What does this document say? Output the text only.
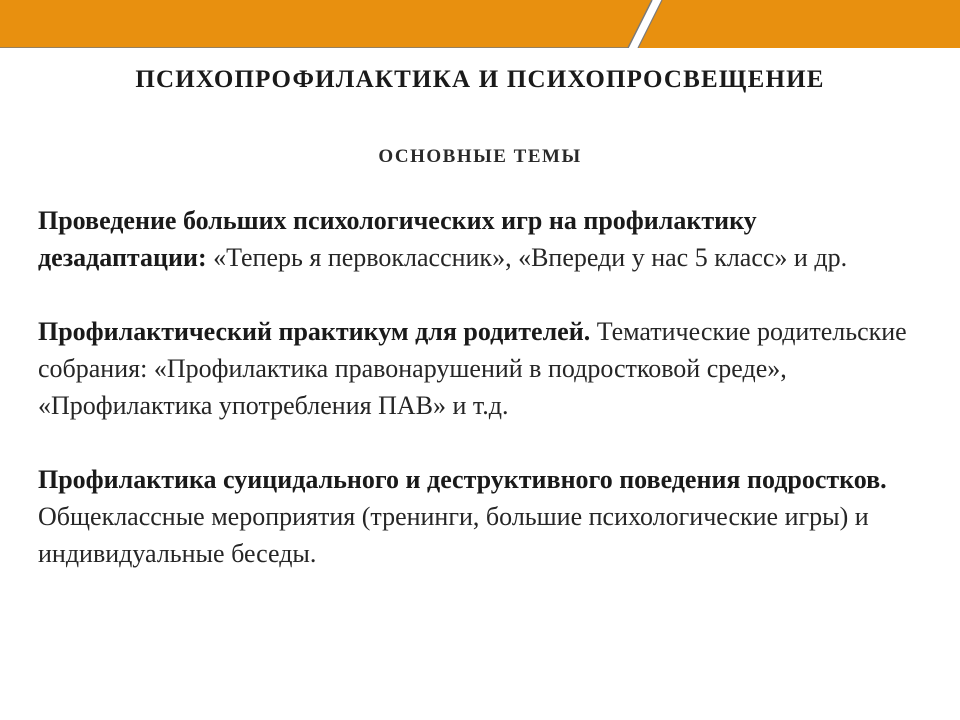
ПСИХОПРОФИЛАКТИКА И ПСИХОПРОСВЕЩЕНИЕ
ОСНОВНЫЕ ТЕМЫ

Проведение больших психологических игр на профилактику дезадаптации: «Теперь я первоклассник», «Впереди у нас 5 класс» и др.

Профилактический практикум для родителей. Тематические родительские собрания: «Профилактика правонарушений в подростковой среде», «Профилактика употребления ПАВ» и т.д.

Профилактика суицидального и деструктивного поведения подростков. Общеклассные мероприятия (тренинги, большие психологические игры) и индивидуальные беседы.
